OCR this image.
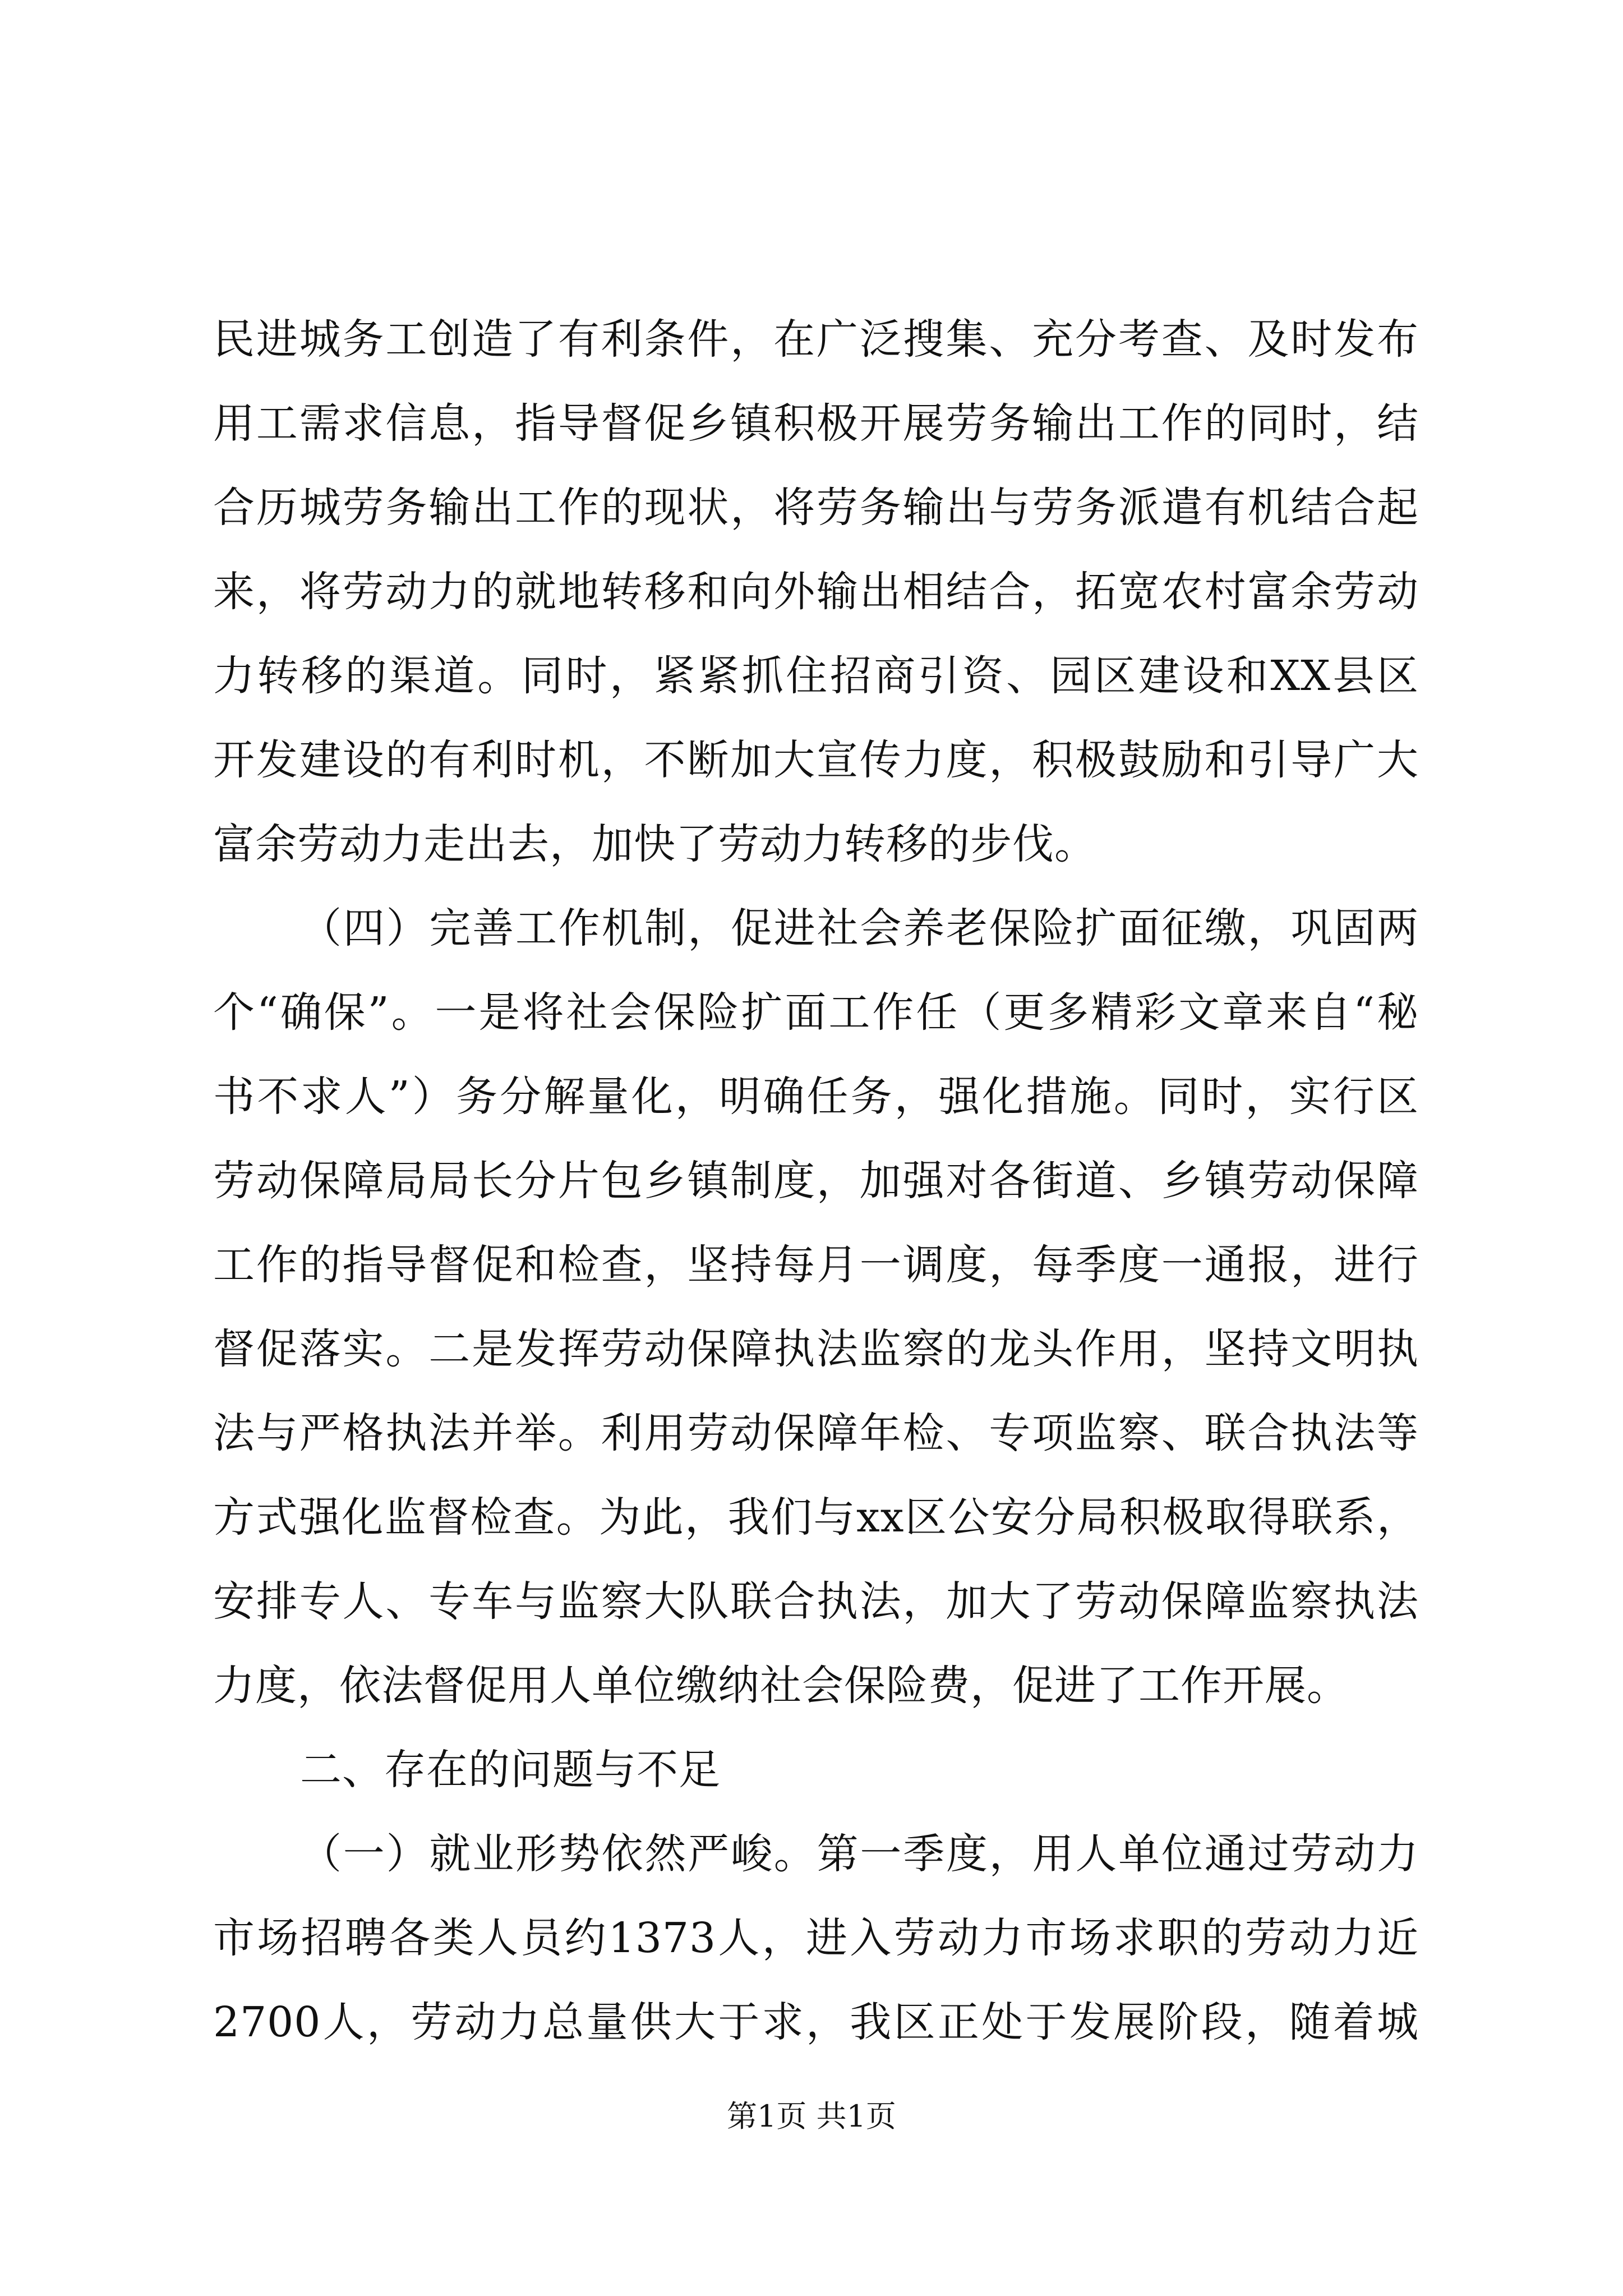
民进城务工创造了有利条件，在广泛搜集、充分考查、及时发布
用工需求信息，指导督促乡镇积极开展劳务输出工作的同时，结
合历城劳务输出工作的现状，将劳务输出与劳务派遣有机结合起
来，将劳动力的就地转移和向外输出相结合，拓宽农村富余劳动
力转移的渠道。同时，紧紧抓住招商引资、园区建设和XX县区
开发建设的有利时机，不断加大宣传力度，积极鼓励和引导广大
富余劳动力走出去，加快了劳动力转移的步伐。
（四）完善工作机制，促进社会养老保险扩面征缴，巩固两
个“确保”。一是将社会保险扩面工作任（更多精彩文章来自“秘
书不求人”）务分解量化，明确任务，强化措施。同时，实行区
劳动保障局局长分片包乡镇制度，加强对各街道、乡镇劳动保障
工作的指导督促和检查，坚持每月一调度，每季度一通报，进行
督促落实。二是发挥劳动保障执法监察的龙头作用，坚持文明执
法与严格执法并举。利用劳动保障年检、专项监察、联合执法等
方式强化监督检查。为此，我们与xx区公安分局积极取得联系，
安排专人、专车与监察大队联合执法，加大了劳动保障监察执法
力度，依法督促用人单位缴纳社会保险费，促进了工作开展。
二、存在的问题与不足
（一）就业形势依然严峻。第一季度，用人单位通过劳动力
市场招聘各类人员约1373人，进入劳动力市场求职的劳动力近
2700人，劳动力总量供大于求，我区正处于发展阶段，随着城
第1页 共1页
